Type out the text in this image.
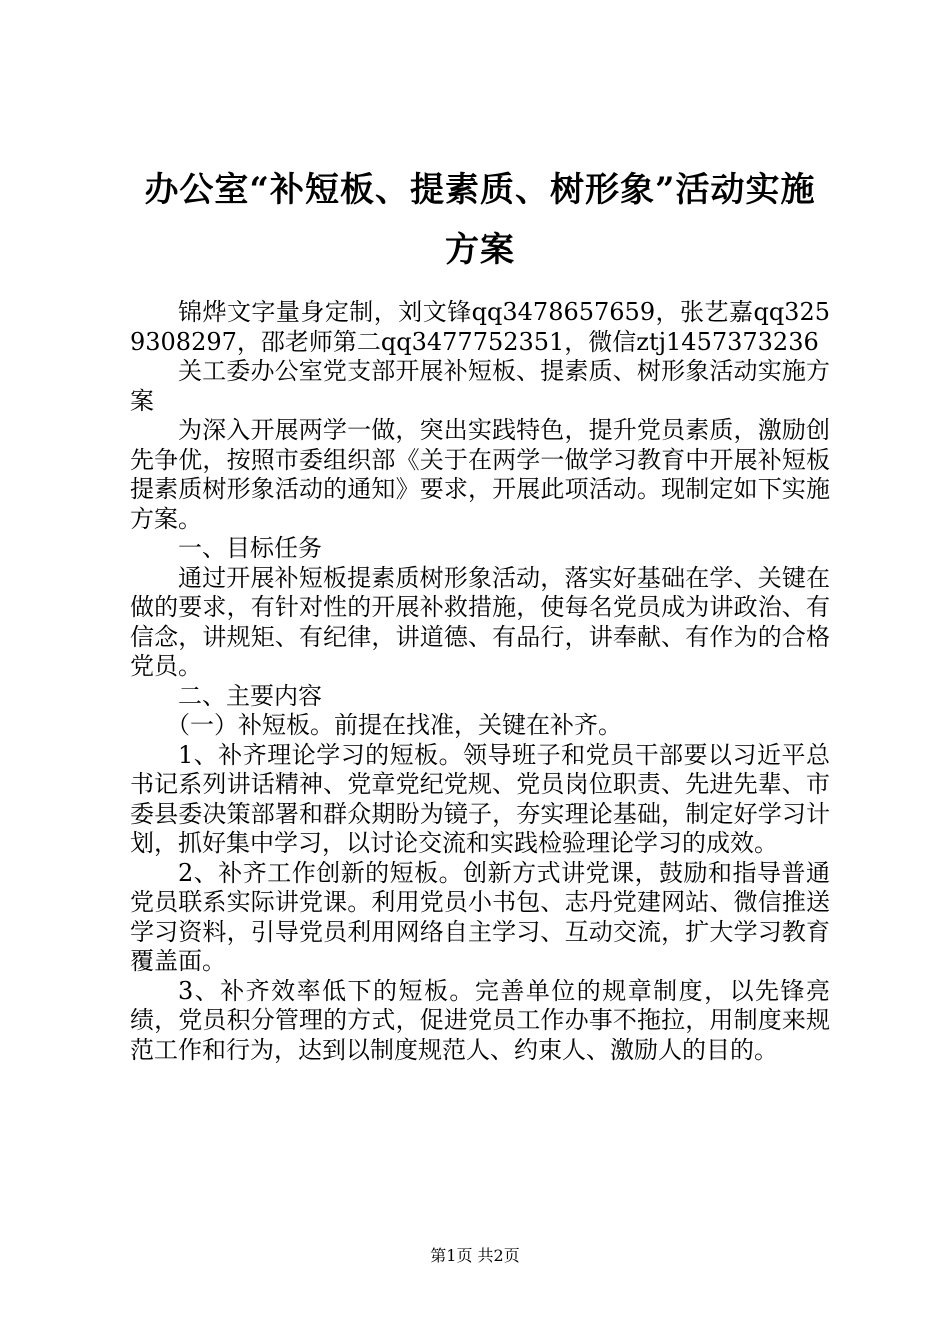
办公室“补短板、提素质、树形象”活动实施方案

锦烨文字量身定制，刘文锋qq3478657659，张艺嘉qq3259308297，邵老师第二qq3477752351，微信ztj1457373236

关工委办公室党支部开展补短板、提素质、树形象活动实施方案

为深入开展两学一做，突出实践特色，提升党员素质，激励创先争优，按照市委组织部《关于在两学一做学习教育中开展补短板提素质树形象活动的通知》要求，开展此项活动。现制定如下实施方案。

一、目标任务

通过开展补短板提素质树形象活动，落实好基础在学、关键在做的要求，有针对性的开展补救措施，使每名党员成为讲政治、有信念，讲规矩、有纪律，讲道德、有品行，讲奉献、有作为的合格党员。

二、主要内容

（一）补短板。前提在找准，关键在补齐。

1、补齐理论学习的短板。领导班子和党员干部要以习近平总书记系列讲话精神、党章党纪党规、党员岗位职责、先进先辈、市委县委决策部署和群众期盼为镜子，夯实理论基础，制定好学习计划，抓好集中学习，以讨论交流和实践检验理论学习的成效。

2、补齐工作创新的短板。创新方式讲党课，鼓励和指导普通党员联系实际讲党课。利用党员小书包、志丹党建网站、微信推送学习资料，引导党员利用网络自主学习、互动交流，扩大学习教育覆盖面。

3、补齐效率低下的短板。完善单位的规章制度，以先锋亮绩，党员积分管理的方式，促进党员工作办事不拖拉，用制度来规范工作和行为，达到以制度规范人、约束人、激励人的目的。

第1页 共2页
